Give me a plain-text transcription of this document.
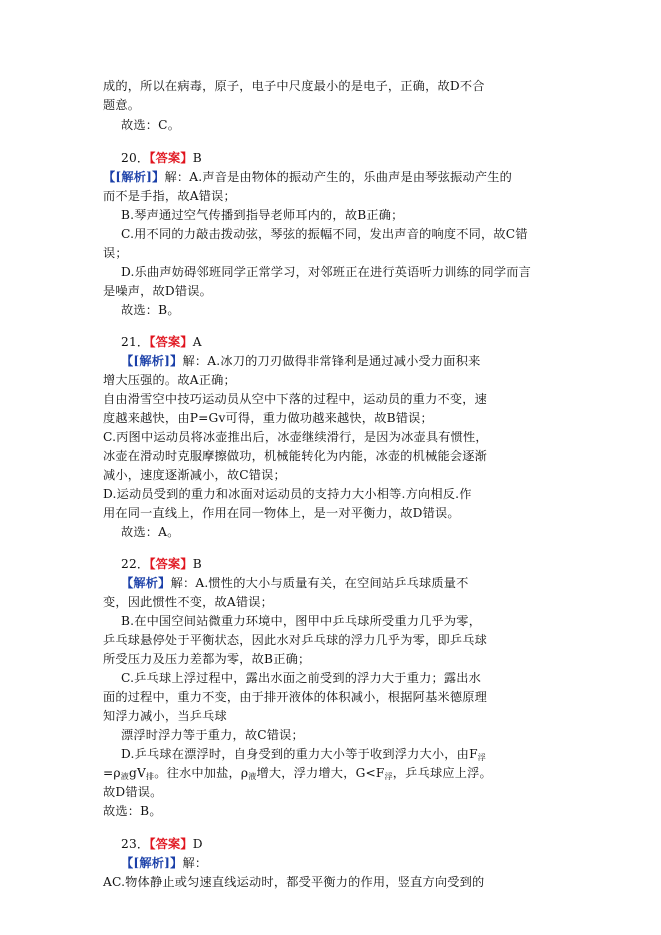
成的，所以在病毒，原子，电子中尺度最小的是电子，正确，故D不合
题意。
故选：C。
20．【答案】B
【[解析]】解：A.声音是由物体的振动产生的，乐曲声是由琴弦振动产生的
而不是手指，故A错误；
B.琴声通过空气传播到指导老师耳内的，故B正确；
C.用不同的力敲击拨动弦，琴弦的振幅不同，发出声音的响度不同，故C错
误；
D.乐曲声妨碍邻班同学正常学习，对邻班正在进行英语听力训练的同学而言
是噪声，故D错误。
故选：B。
21．【答案】A
【[解析]】解：A.冰刀的刀刃做得非常锋利是通过减小受力面积来
增大压强的。故A正确；
自由滑雪空中技巧运动员从空中下落的过程中，运动员的重力不变，速
度越来越快，由P=Gv可得，重力做功越来越快，故B错误；
C.丙图中运动员将冰壶推出后，冰壶继续滑行，是因为冰壶具有惯性，
冰壶在滑动时克服摩擦做功，机械能转化为内能，冰壶的机械能会逐渐
减小，速度逐渐减小，故C错误；
D.运动员受到的重力和冰面对运动员的支持力大小相等.方向相反.作
用在同一直线上，作用在同一物体上，是一对平衡力，故D错误。
故选：A。
22．【答案】B
【解析】解：A.惯性的大小与质量有关，在空间站乒乓球质量不
变，因此惯性不变，故A错误；
B.在中国空间站微重力环境中，图甲中乒乓球所受重力几乎为零，
乒乓球悬停处于平衡状态，因此水对乒乓球的浮力几乎为零，即乒乓球
所受压力及压力差都为零，故B正确；
C.乒乓球上浮过程中，露出水面之前受到的浮力大于重力；露出水
面的过程中，重力不变，由于排开液体的体积减小，根据阿基米德原理
知浮力减小，当乒乓球
漂浮时浮力等于重力，故C错误；
D.乒乓球在漂浮时，自身受到的重力大小等于收到浮力大小，由$F_浮$
$=\rho_液gV_排$。往水中加盐，$\rho_液$增大，浮力增大，$G<F_浮$，乒乓球应上浮。
故D错误。
故选：B。
23．【答案】D
【[解析]】解：
AC.物体静止或匀速直线运动时，都受平衡力的作用，竖直方向受到的
